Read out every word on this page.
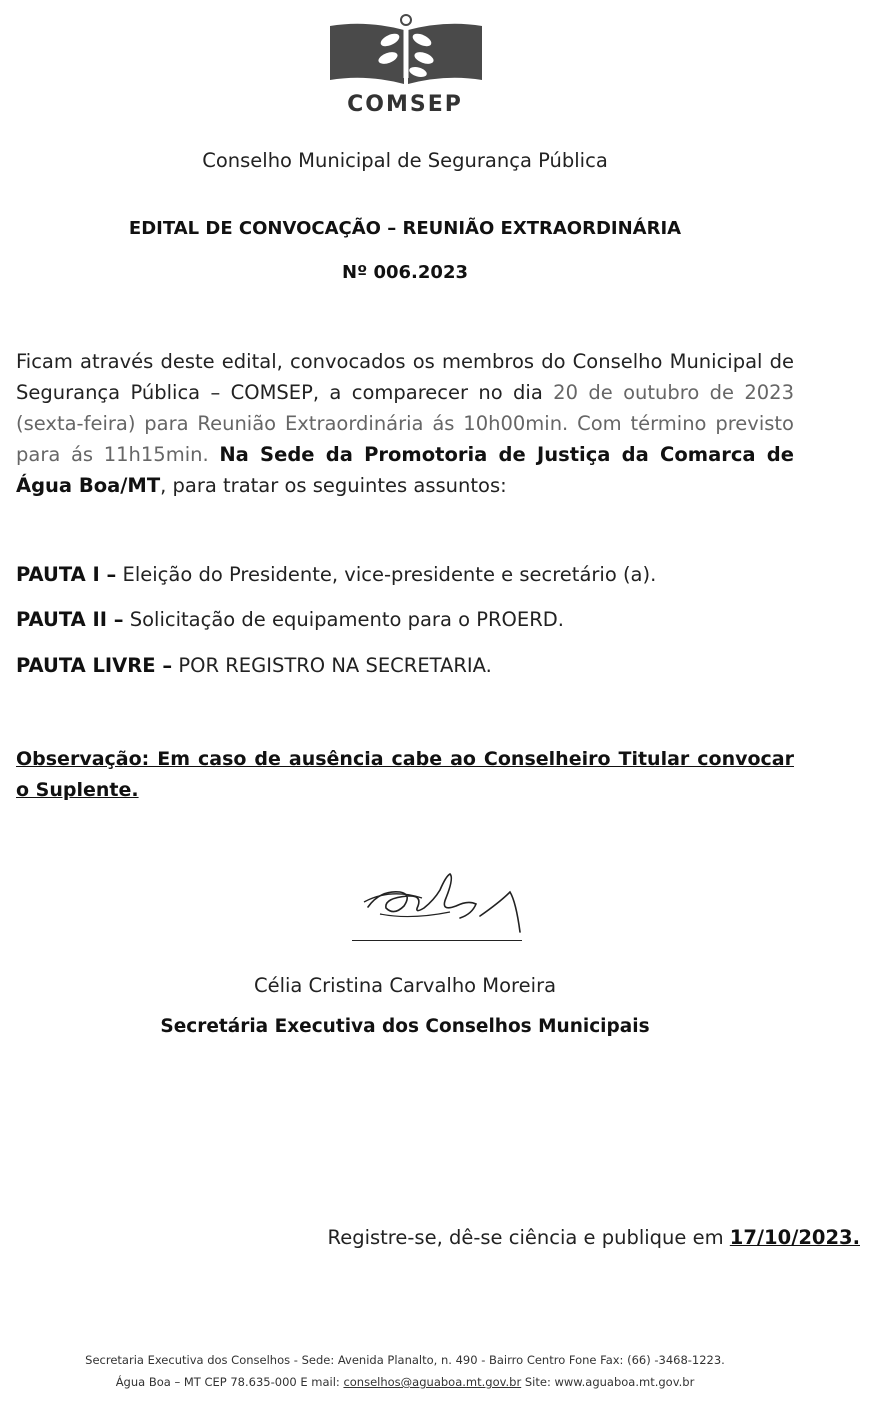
COMSEP
Conselho Municipal de Segurança Pública
EDITAL DE CONVOCAÇÃO – REUNIÃO EXTRAORDINÁRIA
Nº 006.2023
Ficam através deste edital, convocados os membros do Conselho Municipal de Segurança Pública – COMSEP, a comparecer no dia 20 de outubro de 2023 (sexta-feira) para Reunião Extraordinária ás 10h00min. Com término previsto para ás 11h15min. Na Sede da Promotoria de Justiça da Comarca de Água Boa/MT, para tratar os seguintes assuntos:
PAUTA I – Eleição do Presidente, vice-presidente e secretário (a).
PAUTA II – Solicitação de equipamento para o PROERD.
PAUTA LIVRE – POR REGISTRO NA SECRETARIA.
Observação: Em caso de ausência cabe ao Conselheiro Titular convocar o Suplente.
Célia Cristina Carvalho Moreira
Secretária Executiva dos Conselhos Municipais
Registre-se, dê-se ciência e publique em 17/10/2023.
Secretaria Executiva dos Conselhos - Sede: Avenida Planalto, n. 490 - Bairro Centro Fone Fax: (66) -3468-1223.
Água Boa – MT CEP 78.635-000 E mail: conselhos@aguaboa.mt.gov.br Site: www.aguaboa.mt.gov.br
